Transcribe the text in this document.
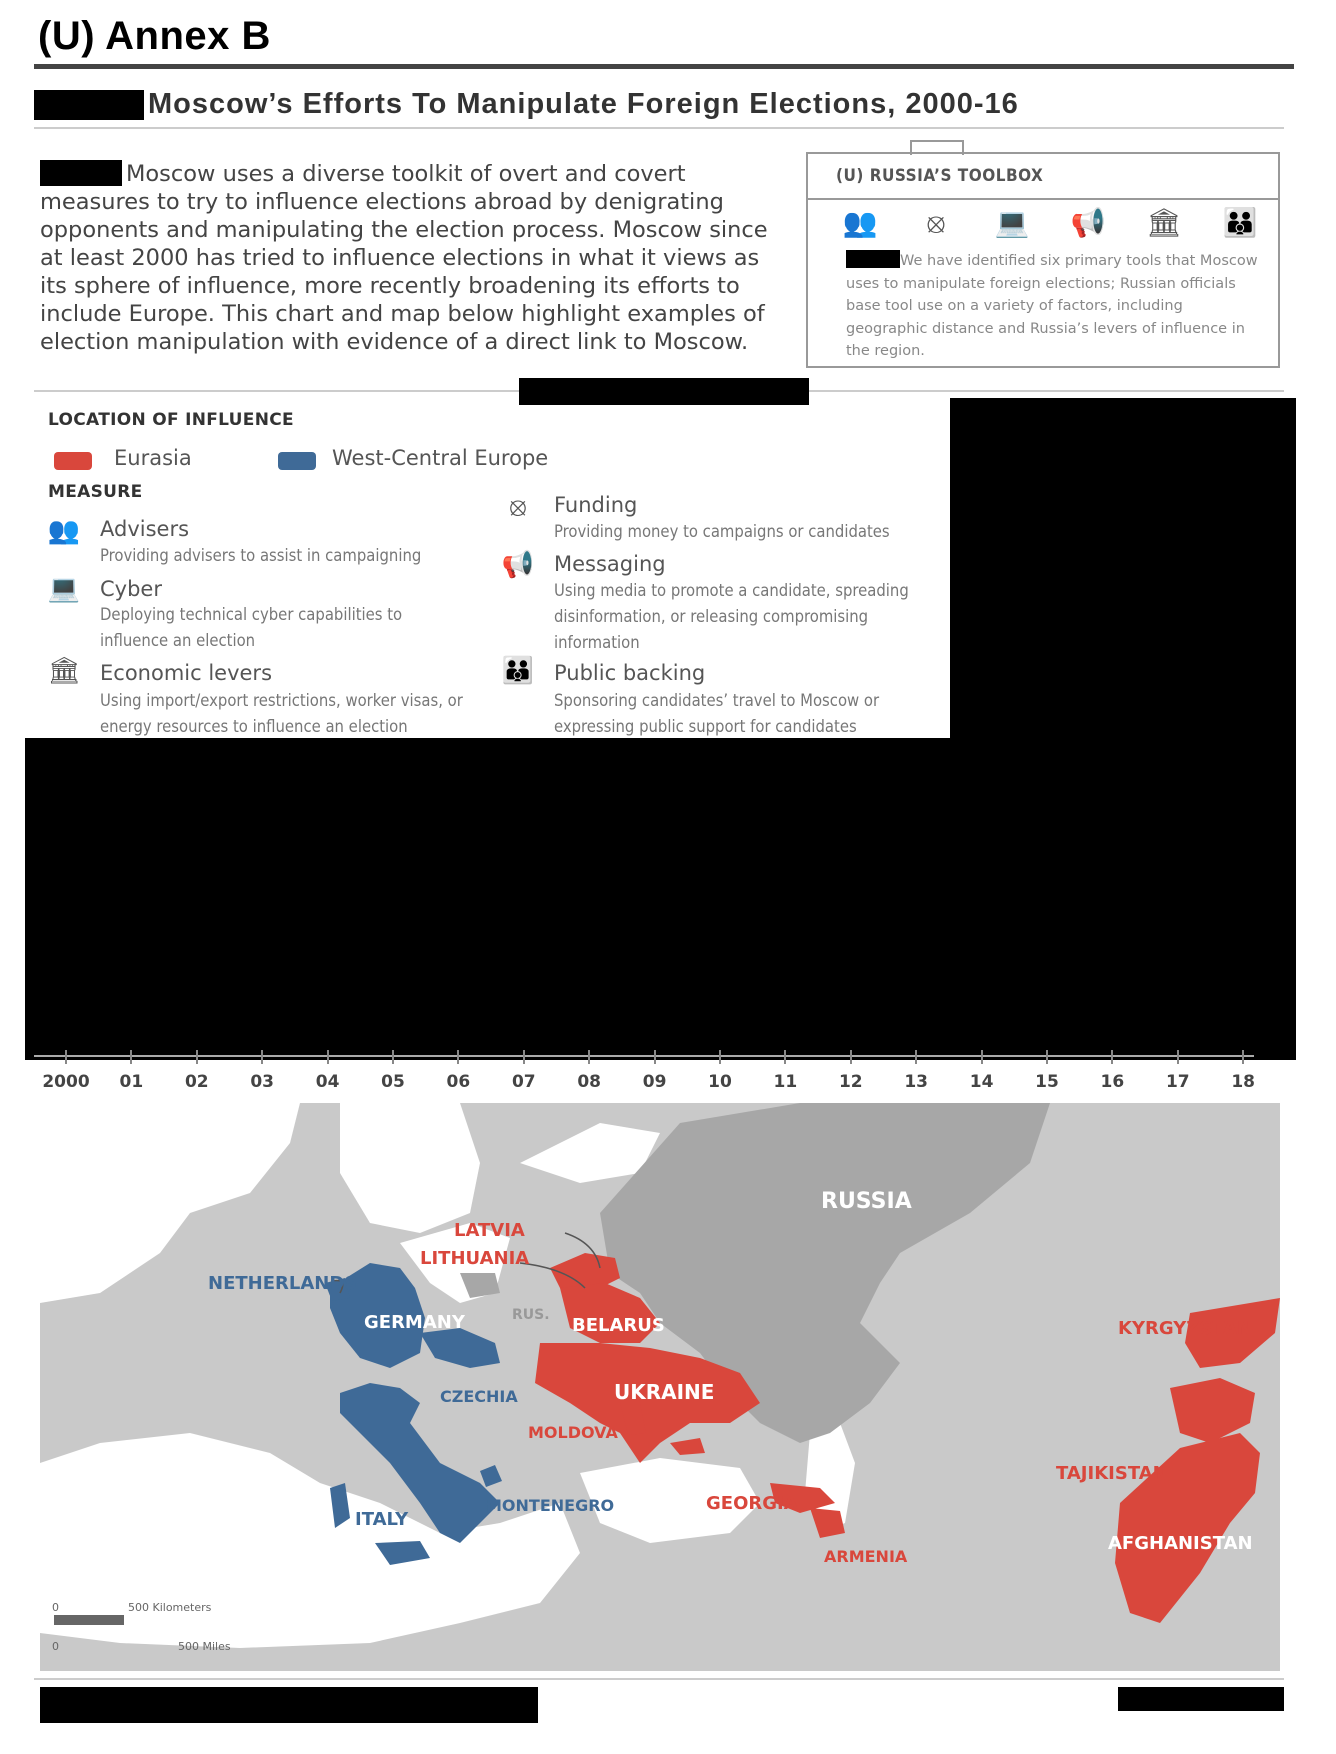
(U) Annex B
Moscow’s Efforts To Manipulate Foreign Elections, 2000-16
Moscow uses a diverse toolkit of overt and covert measures to try to influence elections abroad by denigrating opponents and manipulating the election process. Moscow since at least 2000 has tried to influence elections in what it views as its sphere of influence, more recently broadening its efforts to include Europe. This chart and map below highlight examples of election manipulation with evidence of a direct link to Moscow.
(U) RUSSIA’S TOOLBOX
👥	⦻	💻 📢 🏛 👪
We have identified six primary tools that Moscow uses to manipulate foreign elections; Russian officials base tool use on a variety of factors, including geographic distance and Russia’s levers of influence in the region.
LOCATION OF INFLUENCE
Eurasia	West-Central Europe
MEASURE
👥 Advisers
Providing advisers to assist in campaigning
💻 Cyber
Deploying technical cyber capabilities to influence an election
🏛 Economic levers
Using import/export restrictions, worker visas, or energy resources to influence an election
⦻	Funding
Providing money to campaigns or candidates
📢 Messaging
Using media to promote a candidate, spreading disinformation, or releasing compromising information
👪 Public backing
Sponsoring candidates’ travel to Moscow or expressing public support for candidates
2000 01 02 03 04 05 06 07 08 09 10 11 12 13 14 15 16 17 18
RUSSIA
LATVIA
LITHUANIA
NETHERLANDS
GERMANY	RUS. BELARUS
CZECHIA	UKRAINE
MOLDOVA
ITALY
MONTENEGRO	GEORGIA
ARMENIA
KYRGYZSTAN
TAJIKISTAN
AFGHANISTAN
0	500 Kilometers
0	500 Miles
